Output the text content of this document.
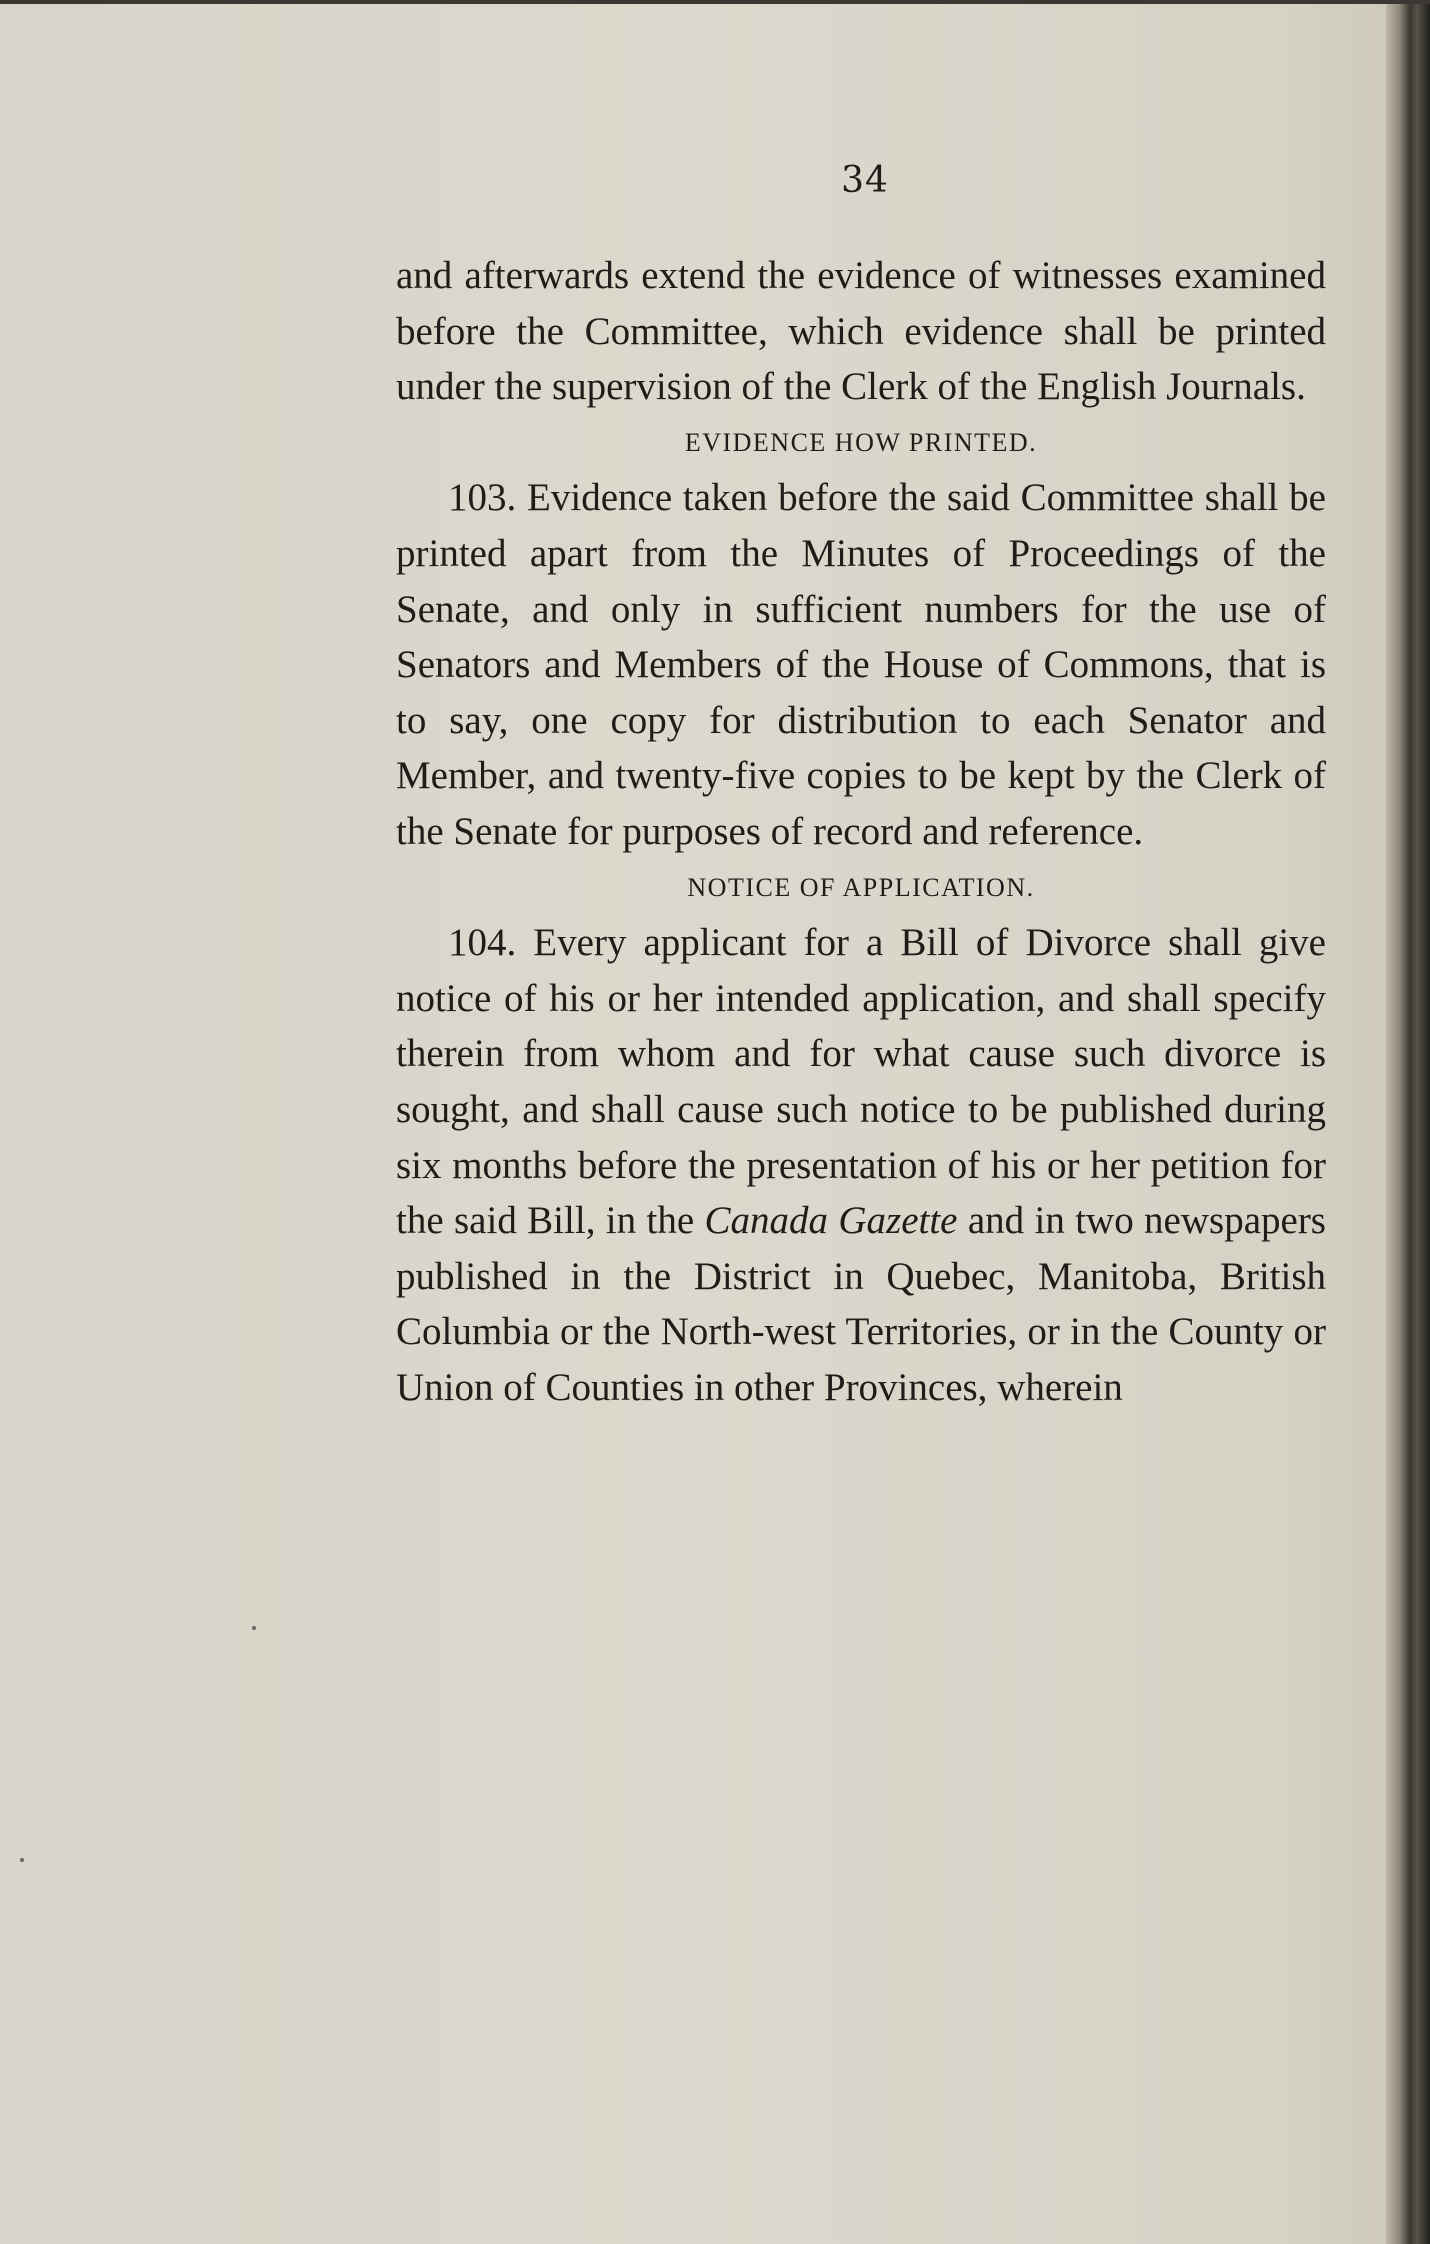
34

and afterwards extend the evidence of witnesses examined before the Committee, which evidence shall be printed under the supervision of the Clerk of the English Journals.

EVIDENCE HOW PRINTED.

103. Evidence taken before the said Committee shall be printed apart from the Minutes of Proceedings of the Senate, and only in sufficient numbers for the use of Senators and Members of the House of Commons, that is to say, one copy for distribution to each Senator and Member, and twenty-five copies to be kept by the Clerk of the Senate for purposes of record and reference.

NOTICE OF APPLICATION.

104. Every applicant for a Bill of Divorce shall give notice of his or her intended application, and shall specify therein from whom and for what cause such divorce is sought, and shall cause such notice to be published during six months before the presentation of his or her petition for the said Bill, in the Canada Gazette and in two newspapers published in the District in Quebec, Manitoba, British Columbia or the North-west Territories, or in the County or Union of Counties in other Provinces, wherein
